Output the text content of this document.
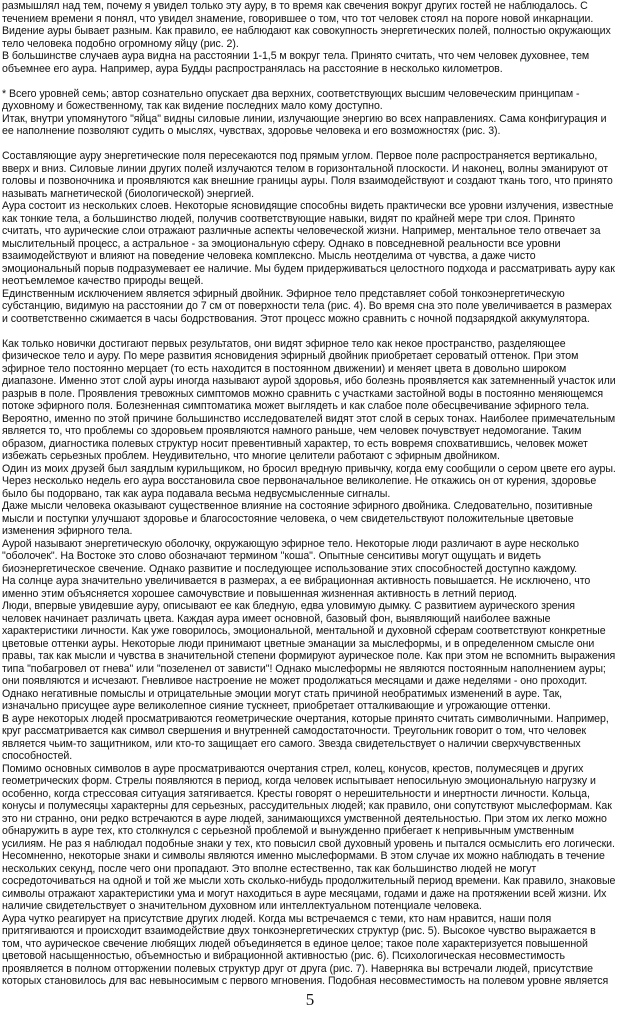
размышлял над тем, почему я увидел только эту ауру, в то время как свечения вокруг других гостей не наблюдалось. С течением времени я понял, что увидел знамение, говорившее о том, что тот человек стоял на пороге новой инкарнации.

Видение ауры бывает разным. Как правило, ее наблюдают как совокупность энергетических полей, полностью окружающих тело человека подобно огромному яйцу (рис. 2).

В большинстве случаев аура видна на расстоянии 1-1,5 м вокруг тела. Принято считать, что чем человек духовнее, тем объемнее его аура. Например, аура Будды распространялась на расстояние в несколько километров.

* Всего уровней семь; автор сознательно опускает два верхних, соответствующих высшим человеческим принципам - духовному и божественному, так как видение последних мало кому доступно.

Итак, внутри упомянутого "яйца" видны силовые линии, излучающие энергию во всех направлениях. Сама конфигурация и ее наполнение позволяют судить о мыслях, чувствах, здоровье человека и его возможностях (рис. 3).

Составляющие ауру энергетические поля пересекаются под прямым углом. Первое поле распространяется вертикально, вверх и вниз. Силовые линии других полей излучаются телом в горизонтальной плоскости. И наконец, волны эманируют от головы и позвоночника и проявляются как внешние границы ауры. Поля взаимодействуют и создают ткань того, что принято называть магнетической (биологической) энергией.

Аура состоит из нескольких слоев. Некоторые ясновидящие способны видеть практически все уровни излучения, известные как тонкие тела, а большинство людей, получив соответствующие навыки, видят по крайней мере три слоя. Принято считать, что аурические слои отражают различные аспекты человеческой жизни. Например, ментальное тело отвечает за мыслительный процесс, а астральное - за эмоциональную сферу. Однако в повседневной реальности все уровни взаимодействуют и влияют на поведение человека комплексно. Мысль неотделима от чувства, а даже чисто эмоциональный порыв подразумевает ее наличие. Мы будем придерживаться целостного подхода и рассматривать ауру как неотъемлемое качество природы вещей.

Единственным исключением является эфирный двойник. Эфирное тело представляет собой тонкоэнергетическую субстанцию, видимую на расстоянии до 7 см от поверхности тела (рис. 4). Во время сна это поле увеличивается в размерах и соответственно сжимается в часы бодрствования. Этот процесс можно сравнить с ночной подзарядкой аккумулятора.

Как только новички достигают первых результатов, они видят эфирное тело как некое пространство, разделяющее физическое тело и ауру. По мере развития ясновидения эфирный двойник приобретает сероватый оттенок. При этом эфирное тело постоянно мерцает (то есть находится в постоянном движении) и меняет цвета в довольно широком диапазоне. Именно этот слой ауры иногда называют аурой здоровья, ибо болезнь проявляется как затемненный участок или разрыв в поле. Проявления тревожных симптомов можно сравнить с участками застойной воды в постоянно меняющемся потоке эфирного поля. Болезненная симптоматика может выглядеть и как слабое поле обесцвечивание эфирного тела. Вероятно, именно по этой причине большинство исследователей видят этот слой в серых тонах. Наиболее примечательным является то, что проблемы со здоровьем проявляются намного раньше, чем человек почувствует недомогание. Таким образом, диагностика полевых структур носит превентивный характер, то есть вовремя спохватившись, человек может избежать серьезных проблем. Неудивительно, что многие целители работают с эфирным двойником.

Один из моих друзей был заядлым курильщиком, но бросил вредную привычку, когда ему сообщили о сером цвете его ауры. Через несколько недель его аура восстановила свое первоначальное великолепие. Не откажись он от курения, здоровье было бы подорвано, так как аура подавала весьма недвусмысленные сигналы.

Даже мысли человека оказывают существенное влияние на состояние эфирного двойника. Следовательно, позитивные мысли и поступки улучшают здоровье и благосостояние человека, о чем свидетельствуют положительные цветовые изменения эфирного тела.

Аурой называют энергетическую оболочку, окружающую эфирное тело. Некоторые люди различают в ауре несколько "оболочек". На Востоке это слово обозначают термином "коша". Опытные сенситивы могут ощущать и видеть биоэнергетическое свечение. Однако развитие и последующее использование этих способностей доступно каждому.

На солнце аура значительно увеличивается в размерах, а ее вибрационная активность повышается. Не исключено, что именно этим объясняется хорошее самочувствие и повышенная жизненная активность в летний период.

Люди, впервые увидевшие ауру, описывают ее как бледную, едва уловимую дымку. С развитием аурического зрения человек начинает различать цвета. Каждая аура имеет основной, базовый фон, выявляющий наиболее важные характеристики личности. Как уже говорилось, эмоциональной, ментальной и духовной сферам соответствуют конкретные цветовые оттенки ауры. Некоторые люди принимают цветные эманации за мыслеформы, и в определенном смысле они правы, так как мысли и чувства в значительной степени формируют аурическое поле. Как при этом не вспомнить выражения типа "побагровел от гнева" или "позеленел от зависти"! Однако мыслеформы не являются постоянным наполнением ауры; они появляются и исчезают. Гневливое настроение не может продолжаться месяцами и даже неделями - оно проходит. Однако негативные помыслы и отрицательные эмоции могут стать причиной необратимых изменений в ауре. Так, изначально присущее ауре великолепное сияние тускнеет, приобретает отталкивающие и угрожающие оттенки.

В ауре некоторых людей просматриваются геометрические очертания, которые принято считать символичными. Например, круг рассматривается как символ свершения и внутренней самодостаточности. Треугольник говорит о том, что человек является чьим-то защитником, или кто-то защищает его самого. Звезда свидетельствует о наличии сверхчувственных способностей.

Помимо основных символов в ауре просматриваются очертания стрел, колец, конусов, крестов, полумесяцев и других геометрических форм. Стрелы появляются в период, когда человек испытывает непосильную эмоциональную нагрузку и особенно, когда стрессовая ситуация затягивается. Кресты говорят о нерешительности и инертности личности. Кольца, конусы и полумесяцы характерны для серьезных, рассудительных людей; как правило, они сопутствуют мыслеформам. Как это ни странно, они редко встречаются в ауре людей, занимающихся умственной деятельностью. При этом их легко можно обнаружить в ауре тех, кто столкнулся с серьезной проблемой и вынужденно прибегает к непривычным умственным усилиям. Не раз я наблюдал подобные знаки у тех, кто повысил свой духовный уровень и пытался осмыслить его логически.

Несомненно, некоторые знаки и символы являются именно мыслеформами. В этом случае их можно наблюдать в течение нескольких секунд, после чего они пропадают. Это вполне естественно, так как большинство людей не могут сосредоточиваться на одной и той же мысли хоть сколько-нибудь продолжительный период времени. Как правило, знаковые символы отражают характеристики ума и могут находиться в ауре месяцами, годами и даже на протяжении всей жизни. Их наличие свидетельствует о значительном духовном или интеллектуальном потенциале человека.

Аура чутко реагирует на присутствие других людей. Когда мы встречаемся с теми, кто нам нравится, наши поля притягиваются и происходит взаимодействие двух тонкоэнергетических структур (рис. 5). Высокое чувство выражается в том, что аурическое свечение любящих людей объединяется в единое целое; такое поле характеризуется повышенной цветовой насыщенностью, объемностью и вибрационной активностью (рис. 6). Психологическая несовместимость проявляется в полном отторжении полевых структур друг от друга (рис. 7). Наверняка вы встречали людей, присутствие которых становилось для вас невыносимым с первого мгновения. Подобная несовместимость на полевом уровне является

5
